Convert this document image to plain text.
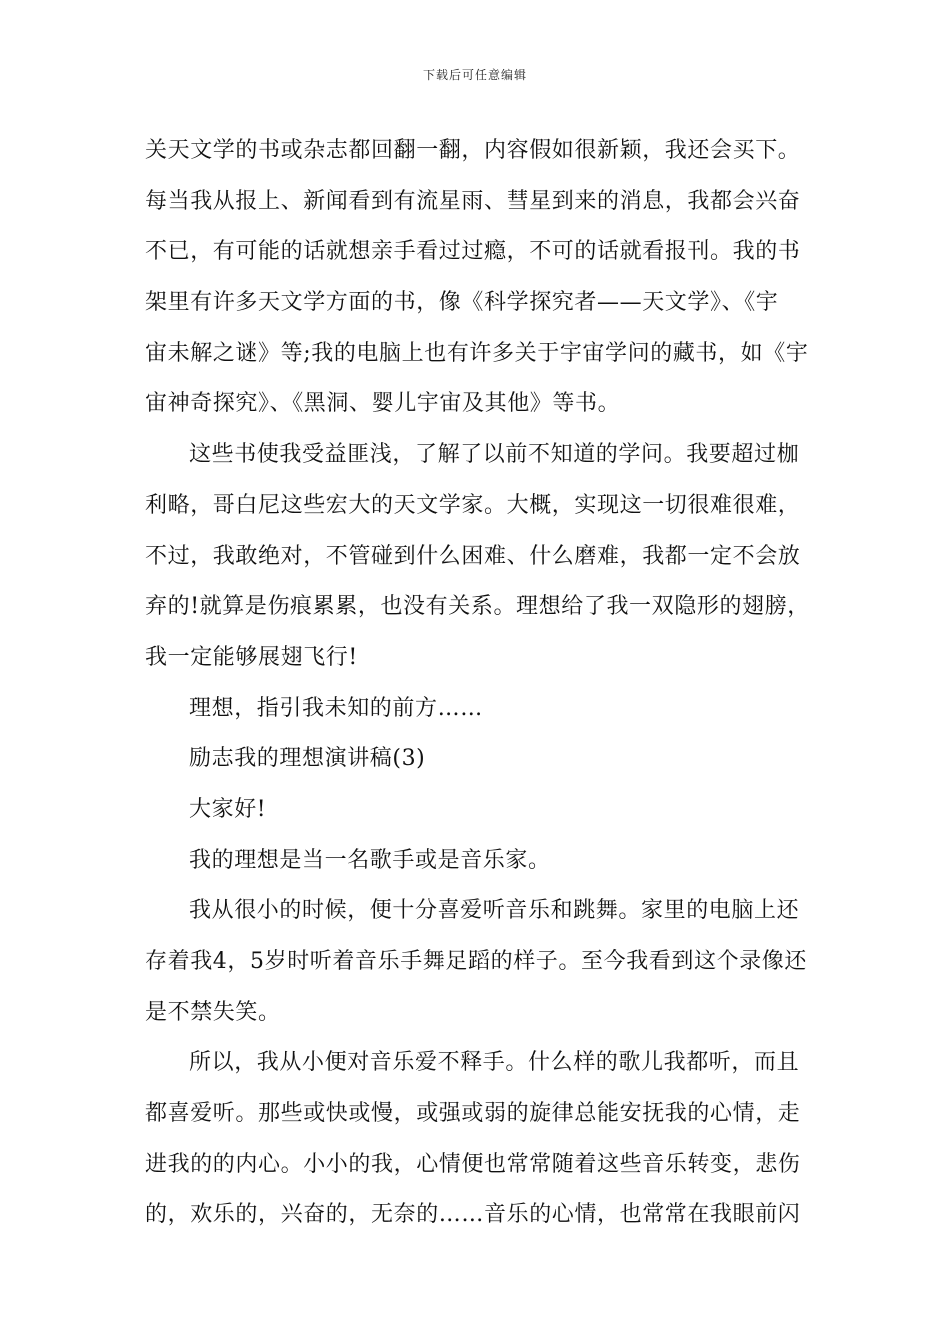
下载后可任意编辑
关天文学的书或杂志都回翻一翻，内容假如很新颖，我还会买下。
每当我从报上、新闻看到有流星雨、彗星到来的消息，我都会兴奋
不已，有可能的话就想亲手看过过瘾，不可的话就看报刊。我的书
架里有许多天文学方面的书，像《科学探究者——天文学》、《宇
宙未解之谜》等;我的电脑上也有许多关于宇宙学问的藏书，如《宇
宙神奇探究》、《黑洞、婴儿宇宙及其他》等书。
这些书使我受益匪浅，了解了以前不知道的学问。我要超过枷
利略，哥白尼这些宏大的天文学家。大概，实现这一切很难很难，
不过，我敢绝对，不管碰到什么困难、什么磨难，我都一定不会放
弃的!就算是伤痕累累，也没有关系。理想给了我一双隐形的翅膀，
我一定能够展翅飞行!
理想，指引我未知的前方……
励志我的理想演讲稿(3)
大家好!
我的理想是当一名歌手或是音乐家。
我从很小的时候，便十分喜爱听音乐和跳舞。家里的电脑上还
存着我4，5岁时听着音乐手舞足蹈的样子。至今我看到这个录像还
是不禁失笑。
所以，我从小便对音乐爱不释手。什么样的歌儿我都听，而且
都喜爱听。那些或快或慢，或强或弱的旋律总能安抚我的心情，走
进我的的内心。小小的我，心情便也常常随着这些音乐转变，悲伤
的，欢乐的，兴奋的，无奈的……音乐的心情，也常常在我眼前闪
